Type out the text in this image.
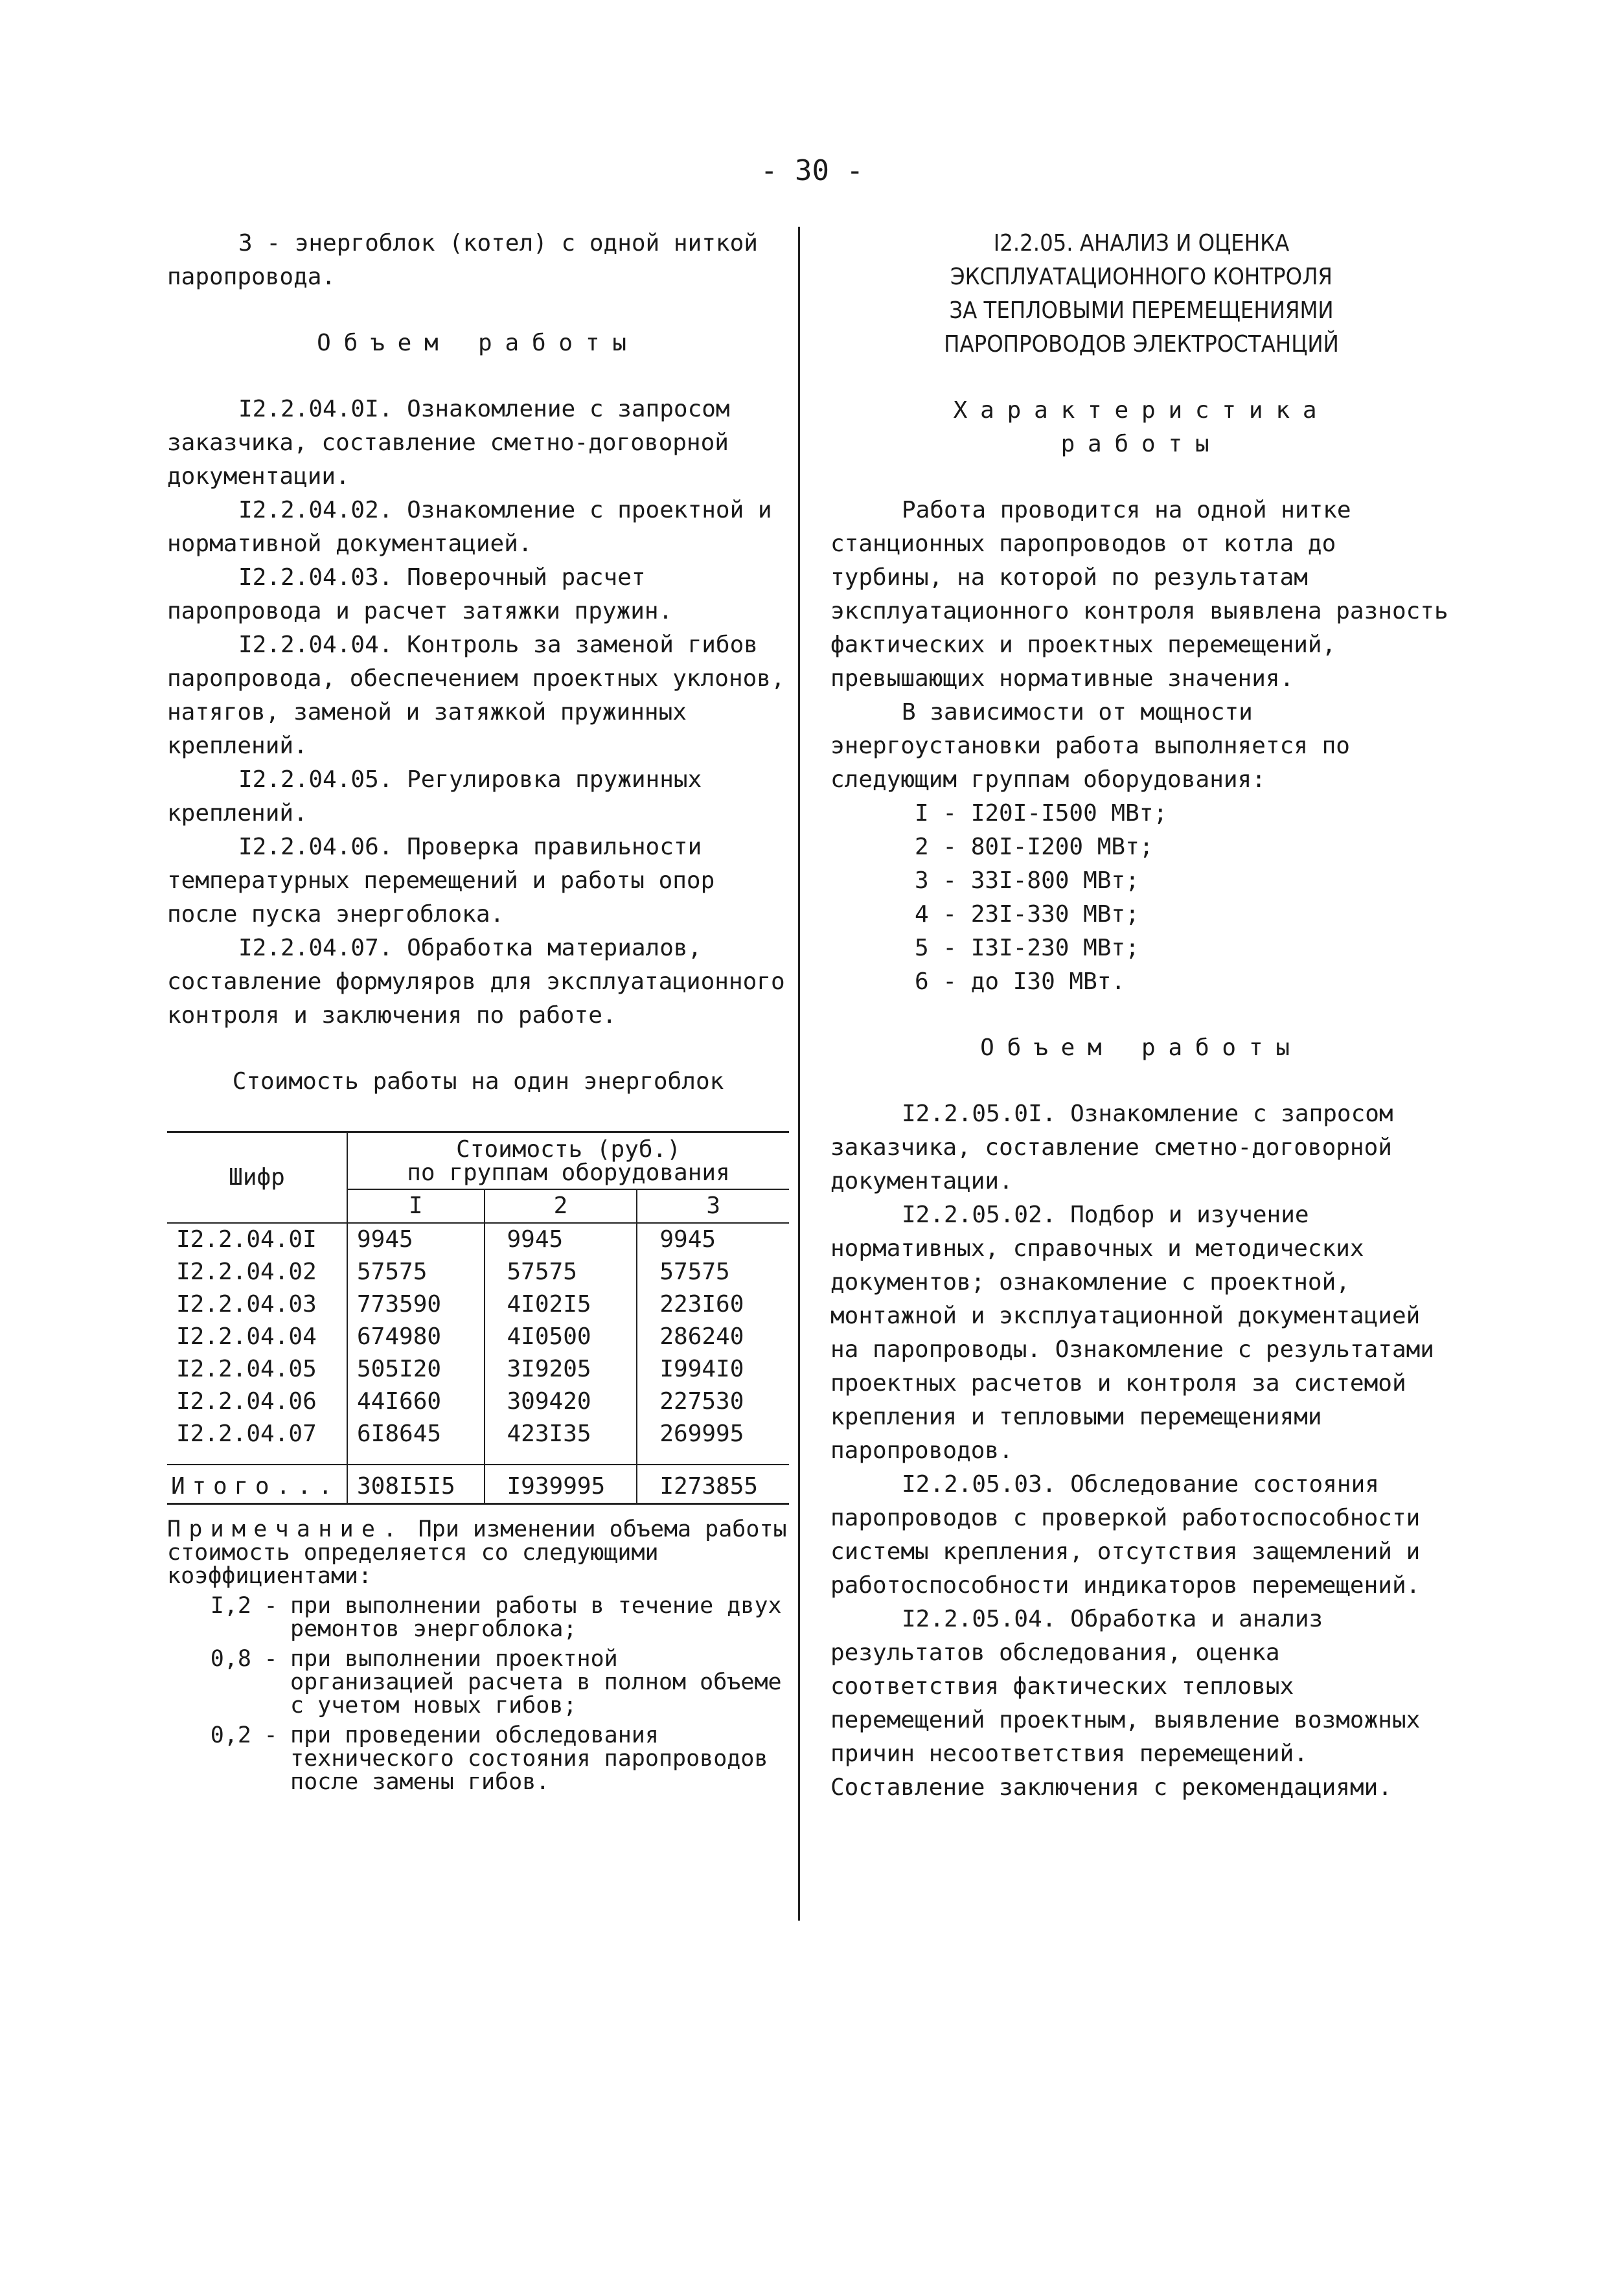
- 30 -

3 - энергоблок (котел) с одной ниткой паропровода.

Объем работы

I2.2.04.0I. Ознакомление с запросом заказчика, составление сметно-договорной документации.

I2.2.04.02. Ознакомление с проектной и нормативной документацией.

I2.2.04.03. Поверочный расчет паропровода и расчет затяжки пружин.

I2.2.04.04. Контроль за заменой гибов паропровода, обеспечением проектных уклонов, натягов, заменой и затяжкой пружинных креплений.

I2.2.04.05. Регулировка пружинных креплений.

I2.2.04.06. Проверка правильности температурных перемещений и работы опор после пуска энергоблока.

I2.2.04.07. Обработка материалов, составление формуляров для эксплуатационного контроля и заключения по работе.

Стоимость работы на один энергоблок

Шифр	Стоимость (руб.)
по группам оборудования		

	I	2	3
I2.2.04.0I	9945	9945	9945
I2.2.04.02	57575	57575	57575
I2.2.04.03	773590	4I02I5	223I60
I2.2.04.04	674980	4I0500	286240
I2.2.04.05	505I20	3I9205	I994I0
I2.2.04.06	44I660	309420	227530
I2.2.04.07	6I8645	423I35	269995

Итого...	308I5I5	I939995	I273855

Примечание. При изменении объема работы стоимость определяется со следующими коэффициентами:

I,2 - при выполнении работы в течение двух ремонтов энергоблока;
0,8 - при выполнении проектной организацией расчета в полном объеме с учетом новых гибов;
0,2 - при проведении обследования технического состояния паропроводов после замены гибов.

I2.2.05. АНАЛИЗ И ОЦЕНКА

ЭКСПЛУАТАЦИОННОГО КОНТРОЛЯ

ЗА ТЕПЛОВЫМИ ПЕРЕМЕЩЕНИЯМИ

ПАРОПРОВОДОВ ЭЛЕКТРОСТАНЦИЙ

Характеристика

работы

Работа проводится на одной нитке станционных паропроводов от котла до турбины, на которой по результатам эксплуатационного контроля выявлена разность фактических и проектных перемещений, превышающих нормативные значения.

В зависимости от мощности энергоустановки работа выполняется по следующим группам оборудования:

I - I20I-I500 МВт;

2 - 80I-I200 МВт;

3 - 33I-800 МВт;

4 - 23I-330 МВт;

5 - I3I-230 МВт;

6 - до I30 МВт.

Объем работы

I2.2.05.0I. Ознакомление с запросом заказчика, составление сметно-договорной документации.

I2.2.05.02. Подбор и изучение нормативных, справочных и методических документов; ознакомление с проектной, монтажной и эксплуатационной документацией на паропроводы. Ознакомление с результатами проектных расчетов и контроля за системой крепления и тепловыми перемещениями паропроводов.

I2.2.05.03. Обследование состояния паропроводов с проверкой работоспособности системы крепления, отсутствия защемлений и работоспособности индикаторов перемещений.

I2.2.05.04. Обработка и анализ результатов обследования, оценка соответствия фактических тепловых перемещений проектным, выявление возможных причин несоответствия перемещений. Составление заключения с рекомендациями.
